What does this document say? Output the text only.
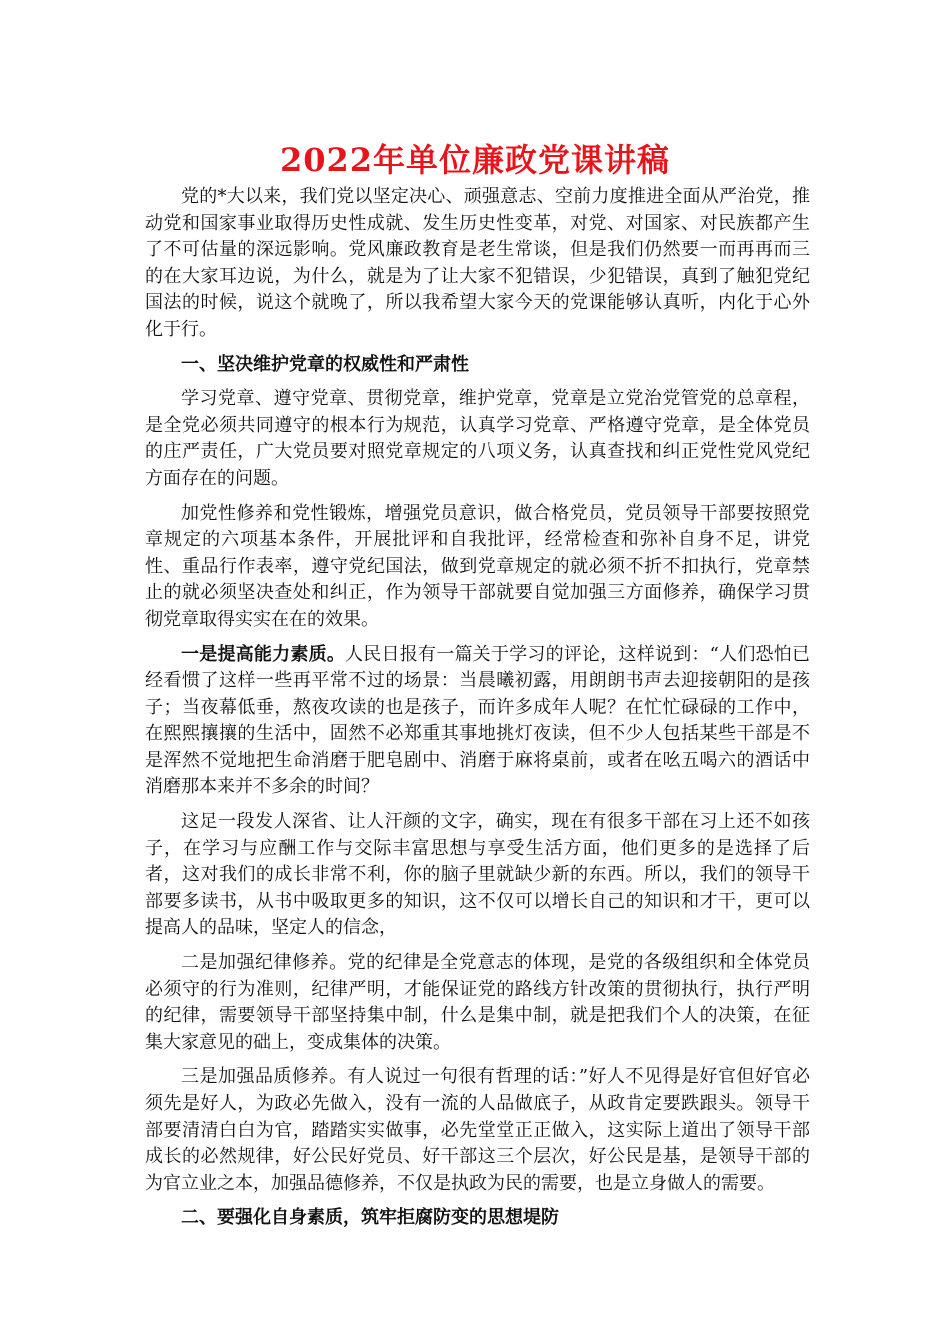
2022年单位廉政党课讲稿

党的*大以来，我们党以坚定决心、顽强意志、空前力度推进全面从严治党，推动党和国家事业取得历史性成就、发生历史性变革，对党、对国家、对民族都产生了不可估量的深远影响。党风廉政教育是老生常谈，但是我们仍然要一而再再而三的在大家耳边说，为什么，就是为了让大家不犯错误，少犯错误，真到了触犯党纪国法的时候，说这个就晚了，所以我希望大家今天的党课能够认真听，内化于心外化于行。

一、坚决维护党章的权威性和严肃性

学习党章、遵守党章、贯彻党章，维护党章，党章是立党治党管党的总章程，是全党必须共同遵守的根本行为规范，认真学习党章、严格遵守党章，是全体党员的庄严责任，广大党员要对照党章规定的八项义务，认真查找和纠正党性党风党纪方面存在的问题。

加党性修养和党性锻炼，增强党员意识，做合格党员，党员领导干部要按照党章规定的六项基本条件，开展批评和自我批评，经常检查和弥补自身不足，讲党性、重品行作表率，遵守党纪国法，做到党章规定的就必须不折不扣执行，党章禁止的就必须坚决查处和纠正，作为领导干部就要自觉加强三方面修养，确保学习贯彻党章取得实实在在的效果。

一是提高能力素质。人民日报有一篇关于学习的评论，这样说到：“人们恐怕已经看惯了这样一些再平常不过的场景：当晨曦初露，用朗朗书声去迎接朝阳的是孩子；当夜幕低垂，熬夜攻读的也是孩子，而许多成年人呢？在忙忙碌碌的工作中，在熙熙攘攘的生活中，固然不必郑重其事地挑灯夜读，但不少人包括某些干部是不是浑然不觉地把生命消磨于肥皂剧中、消磨于麻将桌前，或者在吆五喝六的酒话中消磨那本来并不多余的时间？

这足一段发人深省、让人汗颜的文字，确实，现在有很多干部在习上还不如孩子，在学习与应酬工作与交际丰富思想与享受生活方面，他们更多的是选择了后者，这对我们的成长非常不利，你的脑子里就缺少新的东西。所以，我们的领导干部要多读书，从书中吸取更多的知识，这不仅可以增长自己的知识和才干，更可以提高人的品味，坚定人的信念，

二是加强纪律修养。党的纪律是全党意志的体现，是党的各级组织和全体党员必须守的行为准则，纪律严明，才能保证党的路线方针改策的贯彻执行，执行严明的纪律，需要领导干部坚持集中制，什么是集中制，就是把我们个人的决策，在征集大家意见的础上，变成集体的决策。

三是加强品质修养。有人说过一句很有哲理的话：”好人不见得是好官但好官必须先是好人，为政必先做入，没有一流的人品做底子，从政肯定要跌跟头。领导干部要清清白白为官，踏踏实实做事，必先堂堂正正做入，这实际上道出了领导干部成长的必然规律，好公民好党员、好干部这三个层次，好公民是基，是领导干部的为官立业之本，加强品德修养，不仅是执政为民的需要，也是立身做人的需要。

二、要强化自身素质，筑牢拒腐防变的思想堤防
